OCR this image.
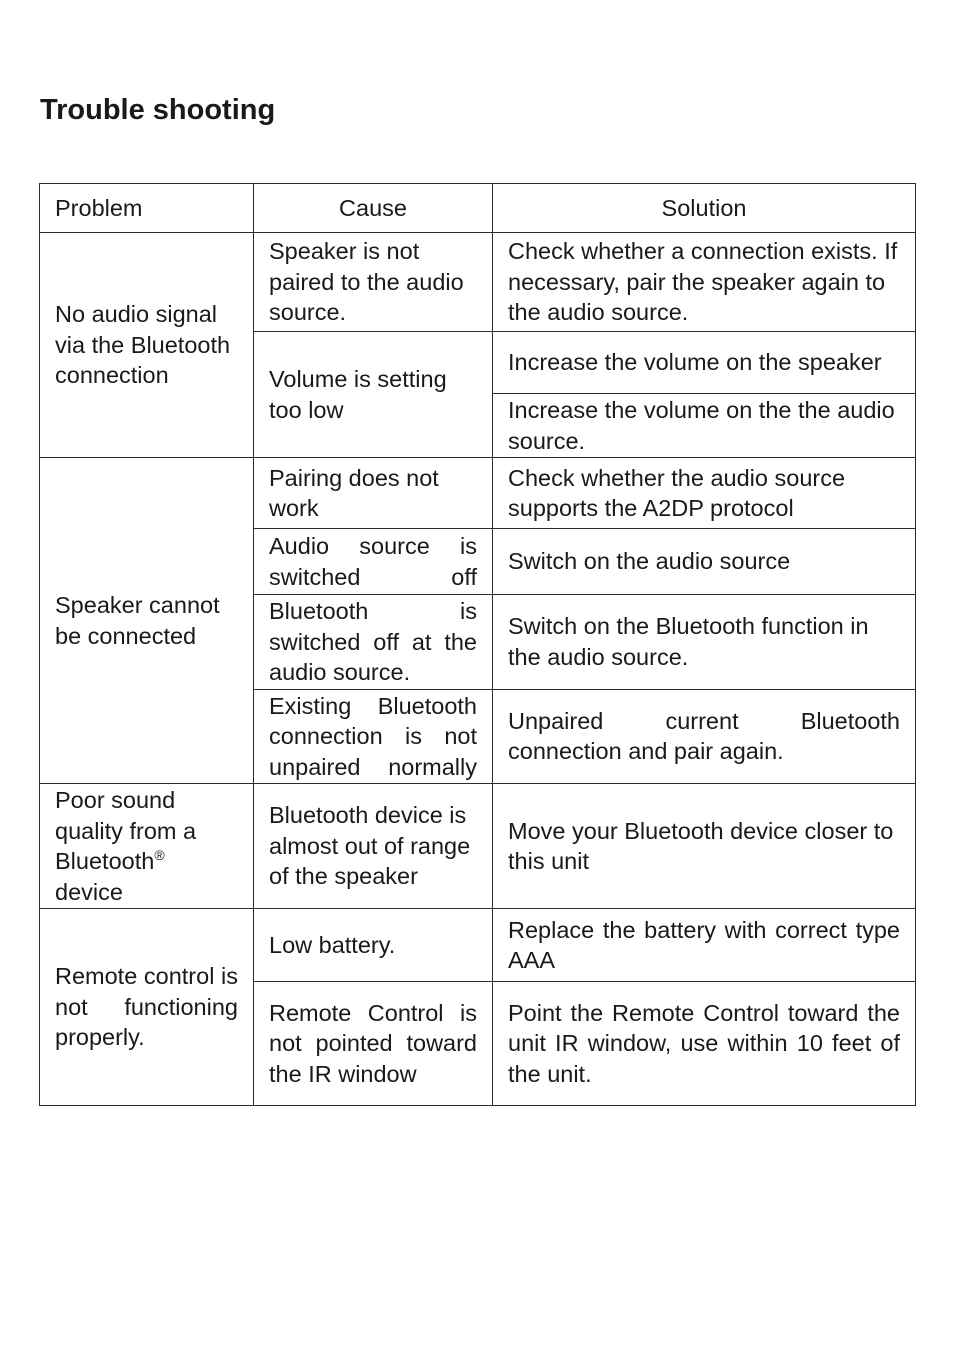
Trouble shooting
Problem	Cause	Solution
No audio signal via the Bluetooth connection	Speaker is not paired to the audio source.	Check whether a connection exists. If necessary, pair the speaker again to the audio source.
	Volume is setting too low	Increase the volume on the speaker
		Increase the volume on the the audio source.
Speaker cannot be connected	Pairing does not work	Check whether the audio source supports the A2DP protocol
	Audio source is switched off	Switch on the audio source
	Bluetooth is switched off at the audio source.	Switch on the Bluetooth function in the audio source.
	Existing Bluetooth connection is not unpaired normally	Unpaired current Bluetooth connection and pair again.
Poor sound quality from a Bluetooth® device	Bluetooth device is almost out of range of the speaker	Move your Bluetooth device closer to this unit
Remote control is not functioning properly.	Low battery.	Replace the battery with correct type AAA
	Remote Control is not pointed toward the IR window	Point the Remote Control toward the unit IR window, use within 10 feet of the unit.
